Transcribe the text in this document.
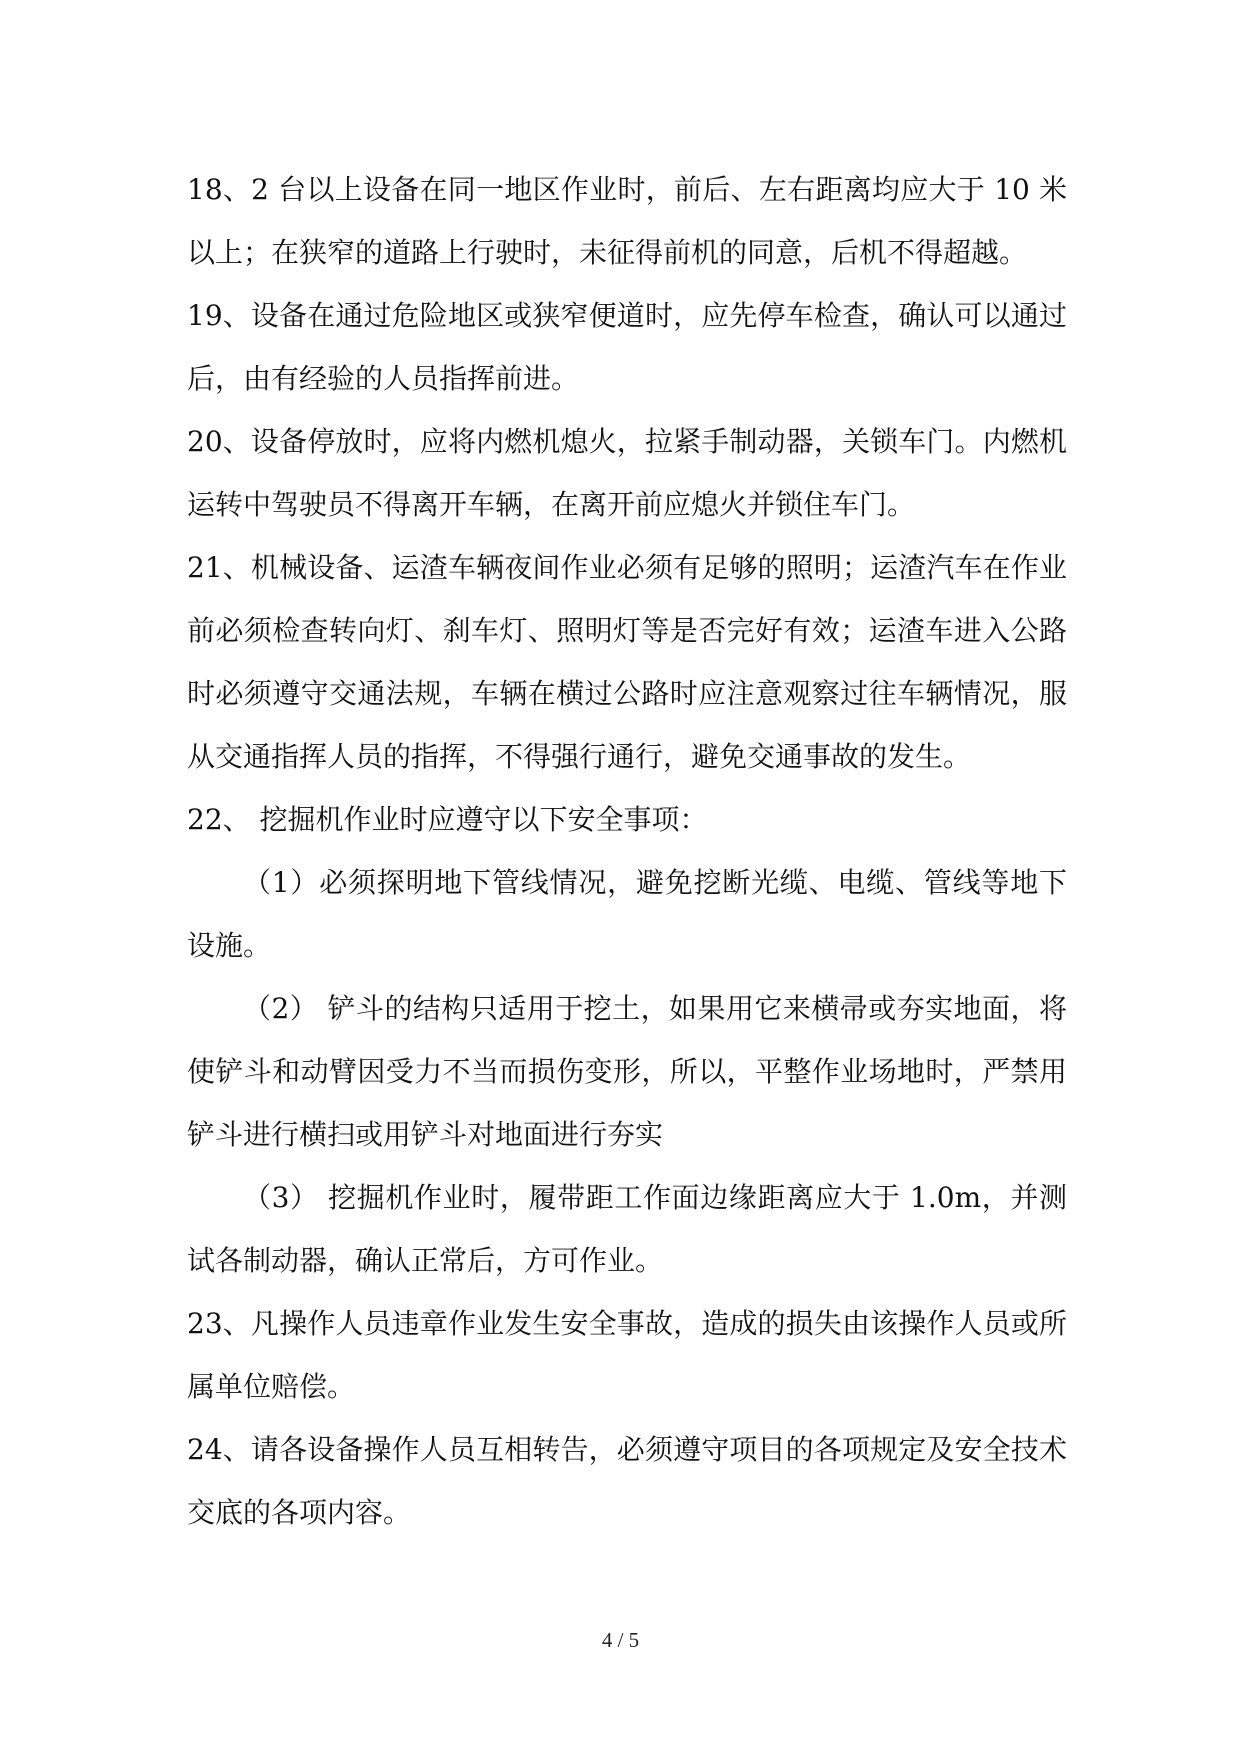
18、2 台以上设备在同一地区作业时，前后、左右距离均应大于 10 米以上；在狭窄的道路上行驶时，未征得前机的同意，后机不得超越。

19、设备在通过危险地区或狭窄便道时，应先停车检查，确认可以通过后，由有经验的人员指挥前进。

20、设备停放时，应将内燃机熄火，拉紧手制动器，关锁车门。内燃机运转中驾驶员不得离开车辆，在离开前应熄火并锁住车门。

21、机械设备、运渣车辆夜间作业必须有足够的照明；运渣汽车在作业前必须检查转向灯、刹车灯、照明灯等是否完好有效；运渣车进入公路时必须遵守交通法规，车辆在横过公路时应注意观察过往车辆情况，服从交通指挥人员的指挥，不得强行通行，避免交通事故的发生。

22、 挖掘机作业时应遵守以下安全事项：

（1）必须探明地下管线情况，避免挖断光缆、电缆、管线等地下设施。

（2） 铲斗的结构只适用于挖土，如果用它来横帚或夯实地面，将使铲斗和动臂因受力不当而损伤变形，所以，平整作业场地时，严禁用铲斗进行横扫或用铲斗对地面进行夯实

（3） 挖掘机作业时，履带距工作面边缘距离应大于 1.0m，并测试各制动器，确认正常后，方可作业。

23、凡操作人员违章作业发生安全事故，造成的损失由该操作人员或所属单位赔偿。

24、请各设备操作人员互相转告，必须遵守项目的各项规定及安全技术交底的各项内容。

4 / 5
